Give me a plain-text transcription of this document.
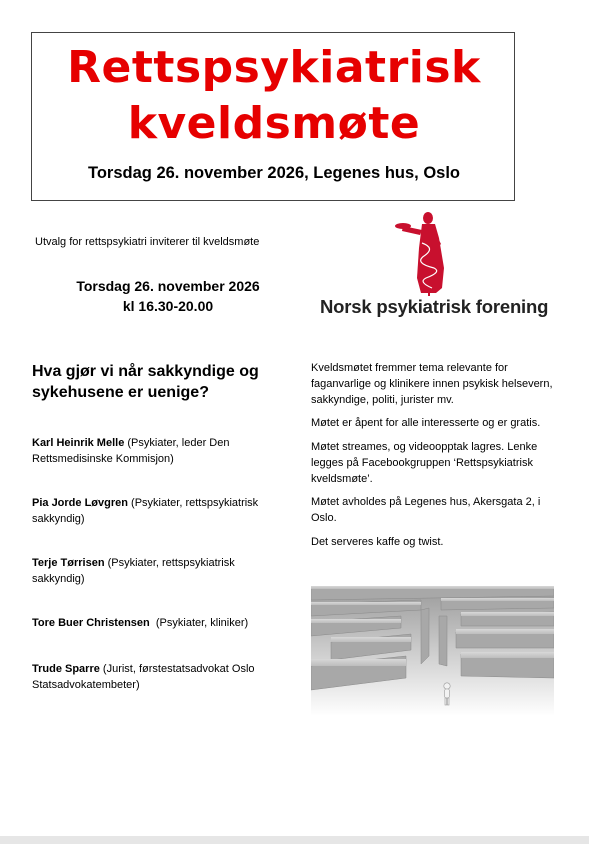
Rettspsykiatrisk
kveldsmøte
Torsdag 26. november 2026, Legenes hus, Oslo
Utvalg for rettspsykiatri inviterer til kveldsmøte
Torsdag 26. november 2026
kl 16.30-20.00	Norsk psykiatrisk forening
Hva gjør vi når sakkyndige og sykehusene er uenige?
Karl Heinrik Melle (Psykiater, leder Den Rettsmedisinske Kommisjon)
Pia Jorde Løvgren (Psykiater, rettspsykiatrisk sakkyndig)
Terje Tørrisen (Psykiater, rettspsykiatrisk sakkyndig)
Tore Buer Christensen  (Psykiater, kliniker)
Trude Sparre (Jurist, førstestatsadvokat Oslo Statsadvokatembeter)
Kveldsmøtet fremmer tema relevante for faganvarlige og klinikere innen psykisk helsevern, sakkyndige, politi, jurister mv.
Møtet er åpent for alle interesserte og er gratis.
Møtet streames, og videoopptak lagres. Lenke legges på Facebookgruppen ‘Rettspsykiatrisk kveldsmøte’.
Møtet avholdes på Legenes hus, Akersgata 2, i Oslo.
Det serveres kaffe og twist.
